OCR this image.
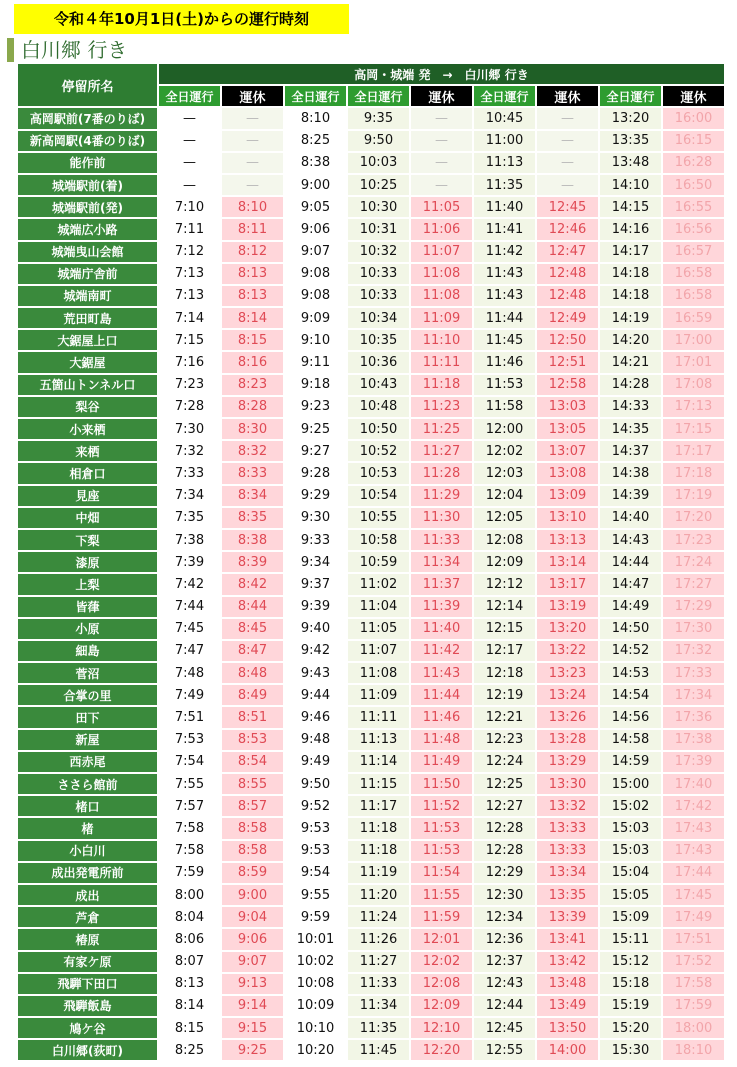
令和４年10月1日(土)からの運行時刻
白川郷 行き
停留所名	高岡・城端 発　→　白川郷 行き								
	全日運行	運休	全日運行	全日運行	運休	全日運行	運休	全日運行	運休
高岡駅前(7番のりば)	—	—	8:10	9:35	—	10:45	—	13:20	16:00
新高岡駅(4番のりば)	—	—	8:25	9:50	—	11:00	—	13:35	16:15
能作前	—	—	8:38	10:03	—	11:13	—	13:48	16:28
城端駅前(着)	—	—	9:00	10:25	—	11:35	—	14:10	16:50
城端駅前(発)	7:10	8:10	9:05	10:30	11:05	11:40	12:45	14:15	16:55
城端広小路	7:11	8:11	9:06	10:31	11:06	11:41	12:46	14:16	16:56
城端曳山会館	7:12	8:12	9:07	10:32	11:07	11:42	12:47	14:17	16:57
城端庁舎前	7:13	8:13	9:08	10:33	11:08	11:43	12:48	14:18	16:58
城端南町	7:13	8:13	9:08	10:33	11:08	11:43	12:48	14:18	16:58
荒田町島	7:14	8:14	9:09	10:34	11:09	11:44	12:49	14:19	16:59
大鋸屋上口	7:15	8:15	9:10	10:35	11:10	11:45	12:50	14:20	17:00
大鋸屋	7:16	8:16	9:11	10:36	11:11	11:46	12:51	14:21	17:01
五箇山トンネル口	7:23	8:23	9:18	10:43	11:18	11:53	12:58	14:28	17:08
梨谷	7:28	8:28	9:23	10:48	11:23	11:58	13:03	14:33	17:13
小来栖	7:30	8:30	9:25	10:50	11:25	12:00	13:05	14:35	17:15
来栖	7:32	8:32	9:27	10:52	11:27	12:02	13:07	14:37	17:17
相倉口	7:33	8:33	9:28	10:53	11:28	12:03	13:08	14:38	17:18
見座	7:34	8:34	9:29	10:54	11:29	12:04	13:09	14:39	17:19
中畑	7:35	8:35	9:30	10:55	11:30	12:05	13:10	14:40	17:20
下梨	7:38	8:38	9:33	10:58	11:33	12:08	13:13	14:43	17:23
漆原	7:39	8:39	9:34	10:59	11:34	12:09	13:14	14:44	17:24
上梨	7:42	8:42	9:37	11:02	11:37	12:12	13:17	14:47	17:27
皆葎	7:44	8:44	9:39	11:04	11:39	12:14	13:19	14:49	17:29
小原	7:45	8:45	9:40	11:05	11:40	12:15	13:20	14:50	17:30
細島	7:47	8:47	9:42	11:07	11:42	12:17	13:22	14:52	17:32
菅沼	7:48	8:48	9:43	11:08	11:43	12:18	13:23	14:53	17:33
合掌の里	7:49	8:49	9:44	11:09	11:44	12:19	13:24	14:54	17:34
田下	7:51	8:51	9:46	11:11	11:46	12:21	13:26	14:56	17:36
新屋	7:53	8:53	9:48	11:13	11:48	12:23	13:28	14:58	17:38
西赤尾	7:54	8:54	9:49	11:14	11:49	12:24	13:29	14:59	17:39
ささら館前	7:55	8:55	9:50	11:15	11:50	12:25	13:30	15:00	17:40
楮口	7:57	8:57	9:52	11:17	11:52	12:27	13:32	15:02	17:42
楮	7:58	8:58	9:53	11:18	11:53	12:28	13:33	15:03	17:43
小白川	7:58	8:58	9:53	11:18	11:53	12:28	13:33	15:03	17:43
成出発電所前	7:59	8:59	9:54	11:19	11:54	12:29	13:34	15:04	17:44
成出	8:00	9:00	9:55	11:20	11:55	12:30	13:35	15:05	17:45
芦倉	8:04	9:04	9:59	11:24	11:59	12:34	13:39	15:09	17:49
椿原	8:06	9:06	10:01	11:26	12:01	12:36	13:41	15:11	17:51
有家ケ原	8:07	9:07	10:02	11:27	12:02	12:37	13:42	15:12	17:52
飛騨下田口	8:13	9:13	10:08	11:33	12:08	12:43	13:48	15:18	17:58
飛騨飯島	8:14	9:14	10:09	11:34	12:09	12:44	13:49	15:19	17:59
鳩ケ谷	8:15	9:15	10:10	11:35	12:10	12:45	13:50	15:20	18:00
白川郷(荻町)	8:25	9:25	10:20	11:45	12:20	12:55	14:00	15:30	18:10
